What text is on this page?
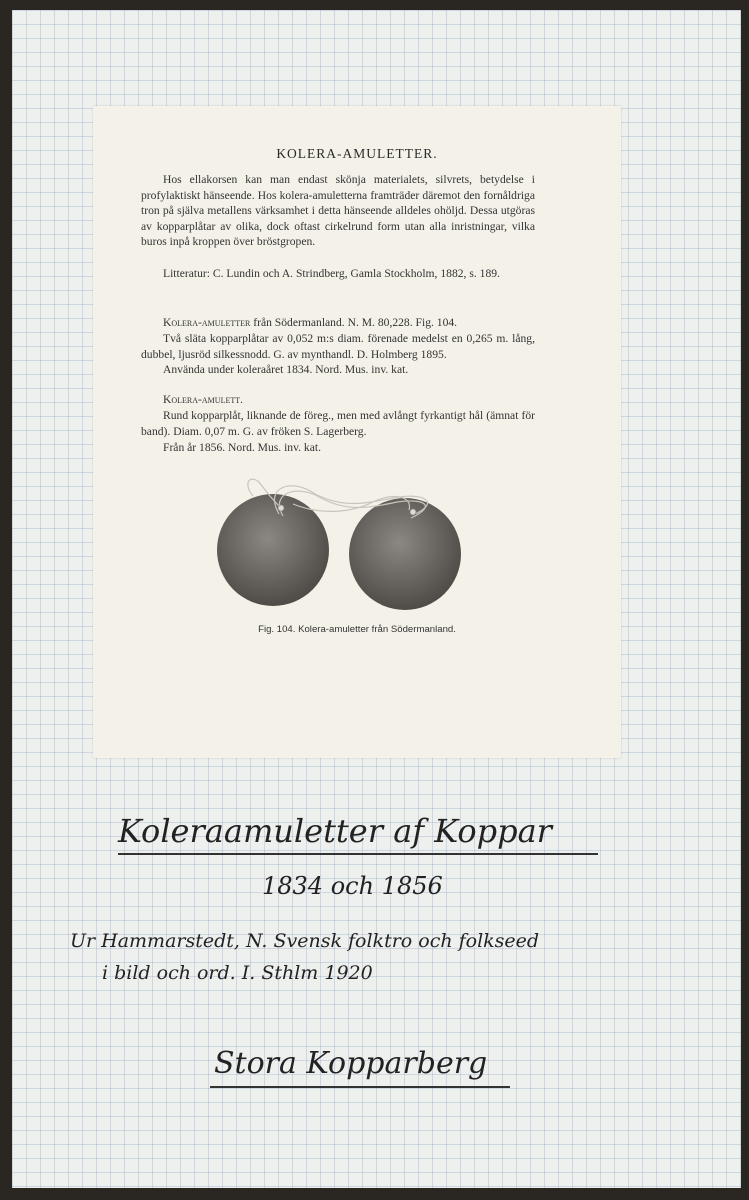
KOLERA-AMULETTER.

Hos ellakorsen kan man endast skönja materialets, silvrets, betydelse i profylaktiskt hänseende. Hos kolera-amuletterna framträder däremot den fornåldriga tron på själva metallens värksamhet i detta hänseende alldeles ohöljd. Dessa utgöras av kopparplåtar av olika, dock oftast cirkelrund form utan alla inristningar, vilka buros inpå kroppen över bröstgropen.

Litteratur: C. Lundin och A. Strindberg, Gamla Stockholm, 1882, s. 189.

Kolera-amuletter från Södermanland. N. M. 80,228. Fig. 104.

Två släta kopparplåtar av 0,052 m:s diam. förenade medelst en 0,265 m. lång, dubbel, ljusröd silkessnodd. G. av mynthandl. D. Holmberg 1895.

Använda under koleraåret 1834. Nord. Mus. inv. kat.

Kolera-amulett.

Rund kopparplåt, liknande de föreg., men med avlångt fyrkantigt hål (ämnat för band). Diam. 0,07 m. G. av fröken S. Lagerberg.

Från år 1856. Nord. Mus. inv. kat.

Fig. 104. Kolera-amuletter från Södermanland.
Koleraamuletter af Koppar
1834 och 1856
Ur Hammarstedt, N. Svensk folktro och folkseed
i bild och ord. I. Sthlm 1920
Stora Kopparberg
